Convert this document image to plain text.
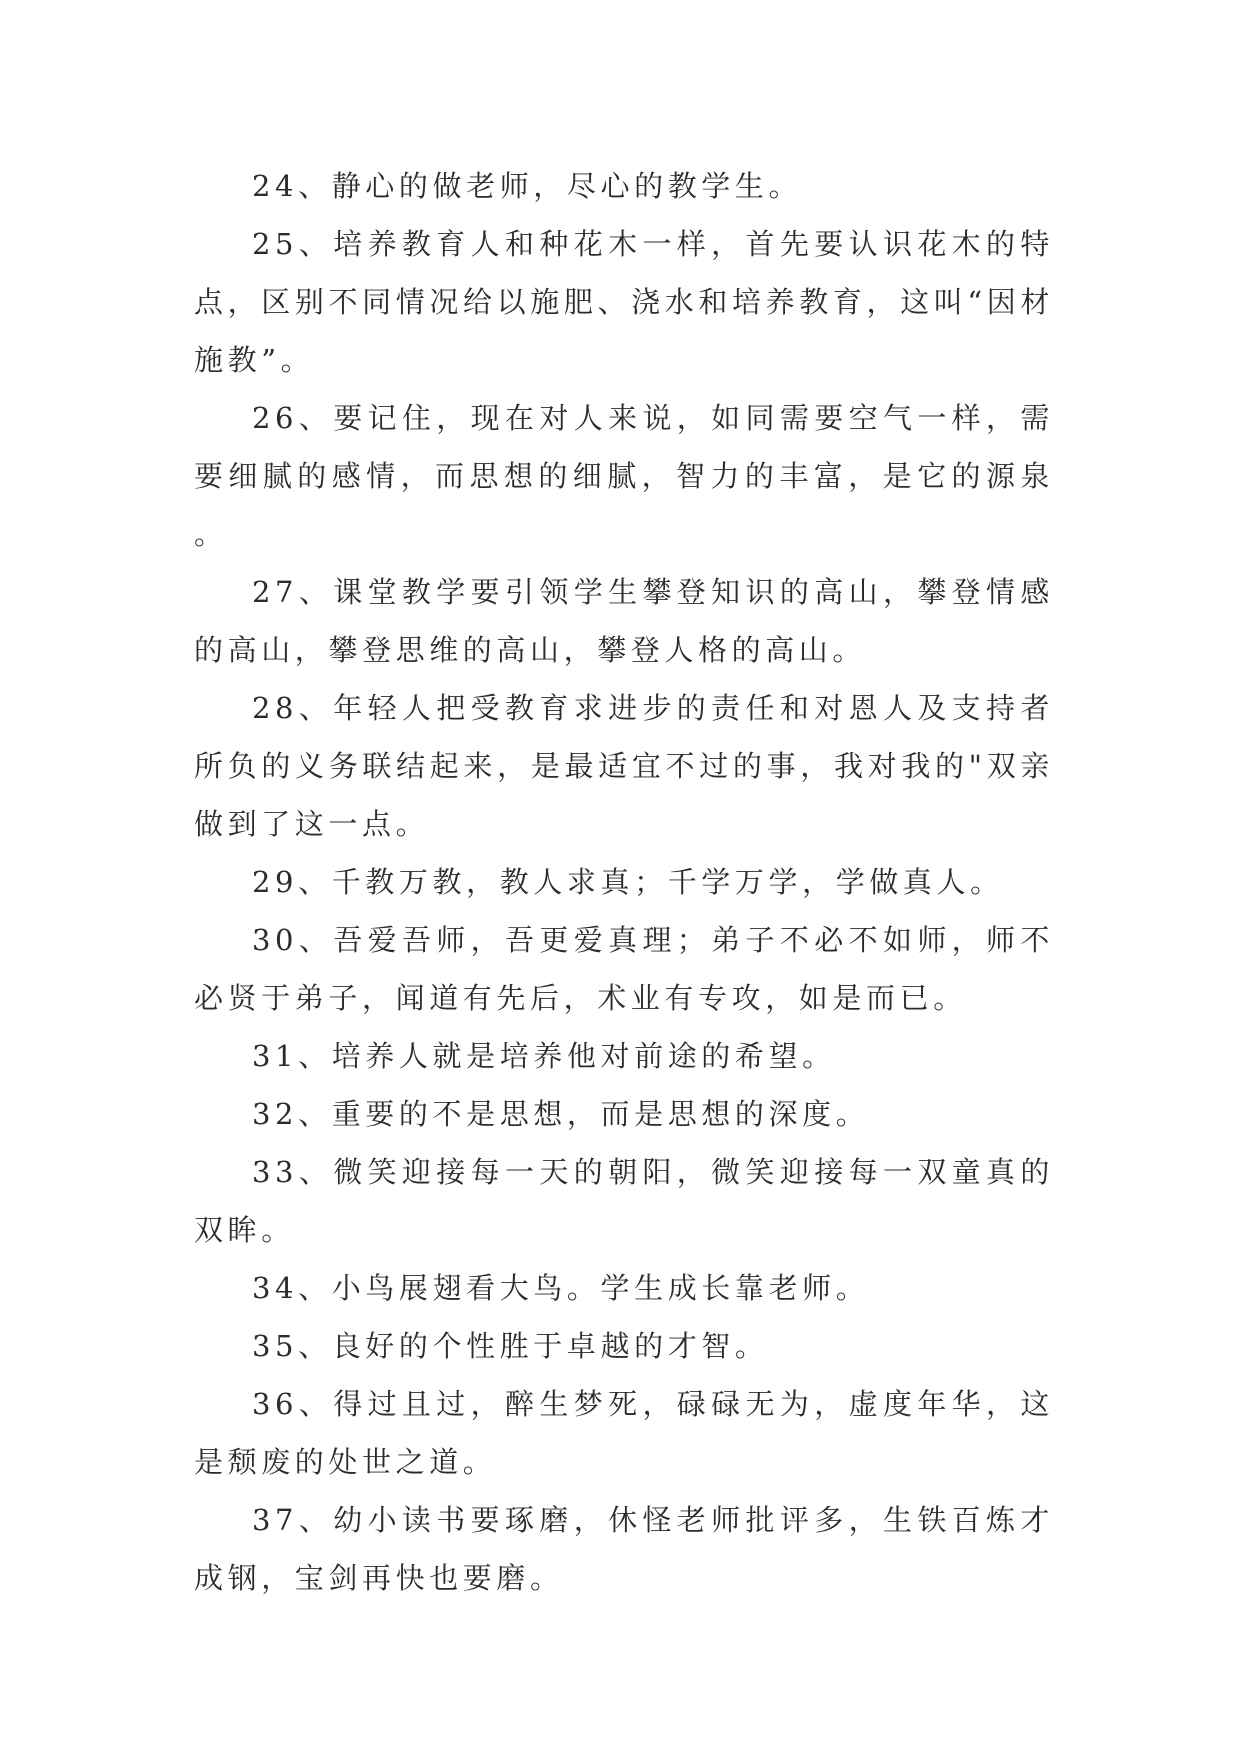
24、静心的做老师，尽心的教学生。

25、培养教育人和种花木一样，首先要认识花木的特点，区别不同情况给以施肥、浇水和培养教育，这叫“因材施教”。

26、要记住，现在对人来说，如同需要空气一样，需要细腻的感情，而思想的细腻，智力的丰富，是它的源泉。

27、课堂教学要引领学生攀登知识的高山，攀登情感的高山，攀登思维的高山，攀登人格的高山。

28、年轻人把受教育求进步的责任和对恩人及支持者所负的义务联结起来，是最适宜不过的事，我对我的"双亲做到了这一点。

29、千教万教，教人求真；千学万学，学做真人。

30、吾爱吾师，吾更爱真理；弟子不必不如师，师不必贤于弟子，闻道有先后，术业有专攻，如是而已。

31、培养人就是培养他对前途的希望。

32、重要的不是思想，而是思想的深度。

33、微笑迎接每一天的朝阳，微笑迎接每一双童真的双眸。

34、小鸟展翅看大鸟。学生成长靠老师。

35、良好的个性胜于卓越的才智。

36、得过且过，醉生梦死，碌碌无为，虚度年华，这是颓废的处世之道。

37、幼小读书要琢磨，休怪老师批评多，生铁百炼才成钢，宝剑再快也要磨。
